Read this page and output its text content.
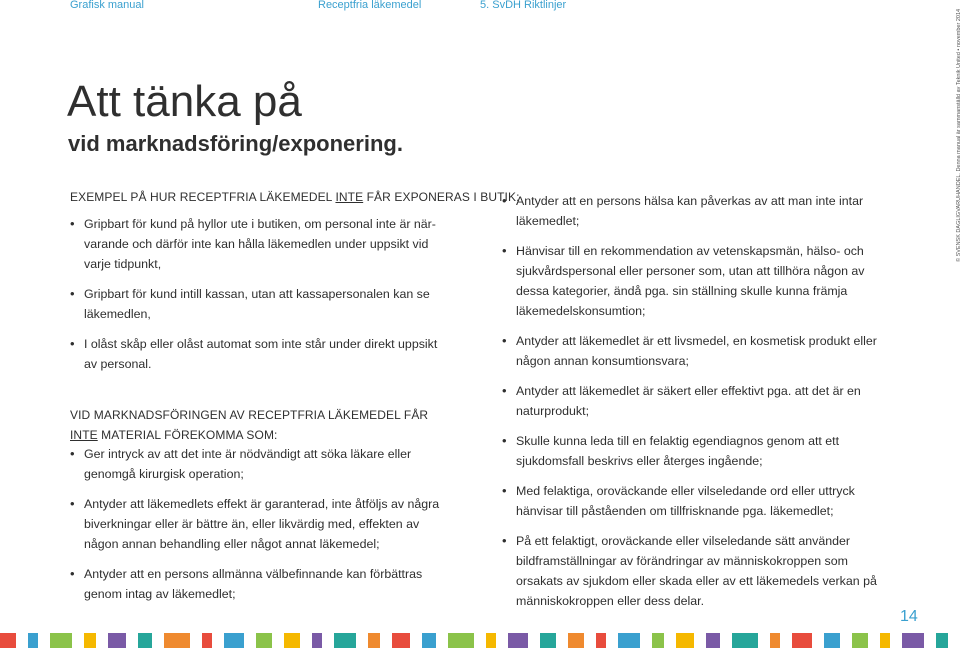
Grafisk manual	Receptfria läkemedel	5. SvDH Riktlinjer
Att tänka på
vid marknadsföring/exponering.

EXEMPEL PÅ HUR RECEPTFRIA LÄKEMEDEL INTE FÅR EXPONERAS I BUTIK:

• Gripbart för kund på hyllor ute i butiken, om personal inte är när-varande och därför inte kan hålla läkemedlen under uppsikt vid varje tidpunkt,
• Gripbart för kund intill kassan, utan att kassapersonalen kan se läkemedlen,
• I olåst skåp eller olåst automat som inte står under direkt uppsikt av personal.

VID MARKNADSFÖRINGEN AV RECEPTFRIA LÄKEMEDEL FÅR INTE MATERIAL FÖREKOMMA SOM:

• Ger intryck av att det inte är nödvändigt att söka läkare eller genomgå kirurgisk operation;
• Antyder att läkemedlets effekt är garanterad, inte åtföljs av några biverkningar eller är bättre än, eller likvärdig med, effekten av någon annan behandling eller något annat läkemedel;
• Antyder att en persons allmänna välbefinnande kan förbättras genom intag av läkemedlet;
• Antyder att en persons hälsa kan påverkas av att man inte intar läkemedlet;
• Hänvisar till en rekommendation av vetenskapsmän, hälso- och sjukvårdspersonal eller personer som, utan att tillhöra någon av dessa kategorier, ändå pga. sin ställning skulle kunna främja läkemedelskonsumtion;
• Antyder att läkemedlet är ett livsmedel, en kosmetisk produkt eller någon annan konsumtionsvara;
• Antyder att läkemedlet är säkert eller effektivt pga. att det är en naturprodukt;
• Skulle kunna leda till en felaktig egendiagnos genom att ett sjukdomsfall beskrivs eller återges ingående;
• Med felaktiga, oroväckande eller vilseledande ord eller uttryck hänvisar till påståenden om tillfrisknande pga. läkemedlet;
• På ett felaktigt, oroväckande eller vilseledande sätt använder bildframställningar av förändringar av människokroppen som orsakats av sjukdom eller skada eller av ett läkemedels verkan på människokroppen eller dess delar.
© SVENSK DAGLIGVARUHANDEL. Denna manual är sammanställd av Teknik United • november 2014
14
